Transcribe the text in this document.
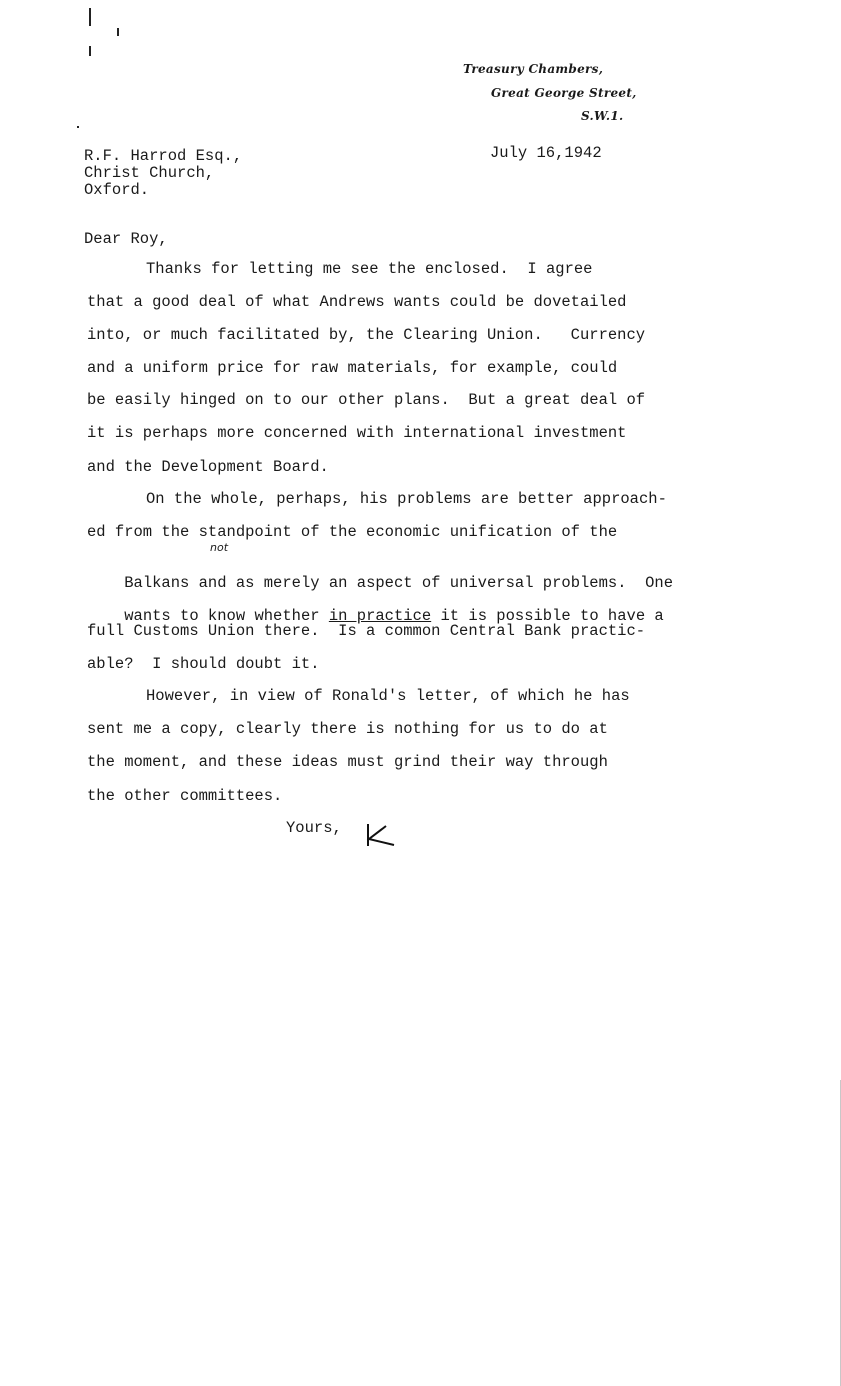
Treasury Chambers,
Great George Street,
S.W.1.
July 16,1942
R.F. Harrod Esq.,
Christ Church,
Oxford.
Dear Roy,
Thanks for letting me see the enclosed.  I agree
that a good deal of what Andrews wants could be dovetailed
into, or much facilitated by, the Clearing Union.   Currency
and a uniform price for raw materials, for example, could
be easily hinged on to our other plans.  But a great deal of
it is perhaps more concerned with international investment
and the Development Board.
On the whole, perhaps, his problems are better approach-
ed from the standpoint of the economic unification of the

Balkans and as merely an aspect of universal problems.  One

not

wants to know whether in practice it is possible to have a

full Customs Union there.  Is a common Central Bank practic-
able?  I should doubt it.
However, in view of Ronald's letter, of which he has
sent me a copy, clearly there is nothing for us to do at
the moment, and these ideas must grind their way through
the other committees.
Yours,
